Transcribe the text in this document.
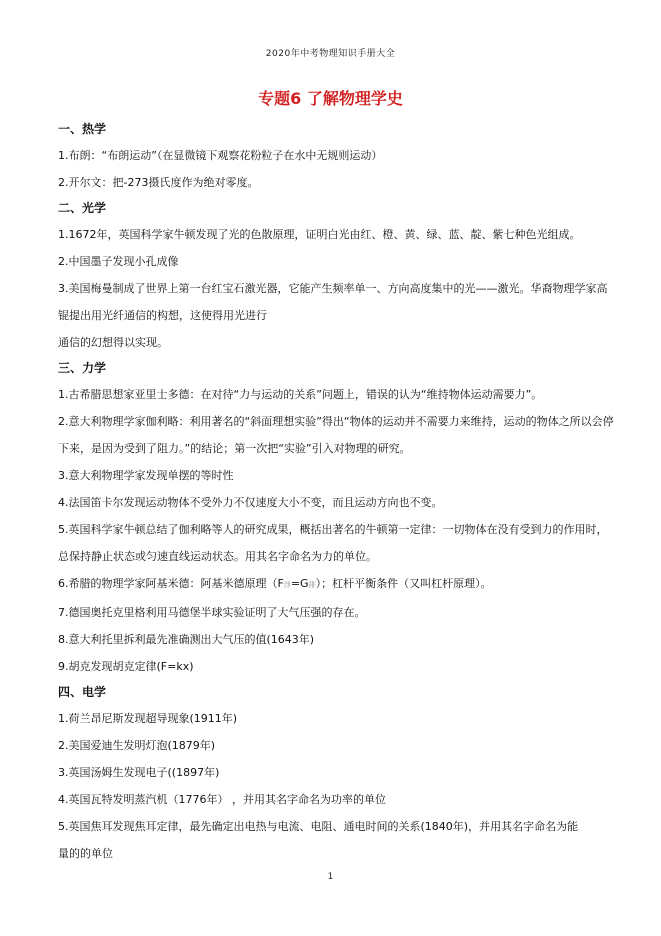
2020年中考物理知识手册大全
专题6 了解物理学史

一、热学

1.布朗：“布朗运动”（在显微镜下观察花粉粒子在水中无规则运动）

2.开尔文：把-273摄氏度作为绝对零度。

二、光学

1.1672年，英国科学家牛顿发现了光的色散原理，证明白光由红、橙、黄、绿、蓝、靛、紫七种色光组成。

2.中国墨子发现小孔成像

3.美国梅曼制成了世界上第一台红宝石激光器，它能产生频率单一、方向高度集中的光——激光。华裔物理学家高锟提出用光纤通信的构想，这使得用光进行

通信的幻想得以实现。

三、力学

1.古希腊思想家亚里士多德：在对待“力与运动的关系”问题上，错误的认为“维持物体运动需要力”。

2.意大利物理学家伽利略：利用著名的“斜面理想实验”得出“物体的运动并不需要力来维持，运动的物体之所以会停下来，是因为受到了阻力。”的结论；第一次把“实验”引入对物理的研究。

3.意大利物理学家发现单摆的等时性

4.法国笛卡尔发现运动物体不受外力不仅速度大小不变，而且运动方向也不变。

5.英国科学家牛顿总结了伽利略等人的研究成果，概括出著名的牛顿第一定律：一切物体在没有受到力的作用时，总保持静止状态或匀速直线运动状态。用其名字命名为力的单位。

6.希腊的物理学家阿基米德：阿基米德原理（F浮=G排）；杠杆平衡条件（又叫杠杆原理）。

7.德国奥托克里格利用马德堡半球实验证明了大气压强的存在。

8.意大利托里拆利最先准确测出大气压的值(1643年)

9.胡克发现胡克定律(F=kx)

四、电学

1.荷兰昂尼斯发现超导现象(1911年)

2.美国爱迪生发明灯泡(1879年)

3.英国汤姆生发现电子((1897年)

4.英国瓦特发明蒸汽机（1776年） ，并用其名字命名为功率的单位

5.英国焦耳发现焦耳定律，最先确定出电热与电流、电阻、通电时间的关系(1840年)，并用其名字命名为能

量的的单位

1
